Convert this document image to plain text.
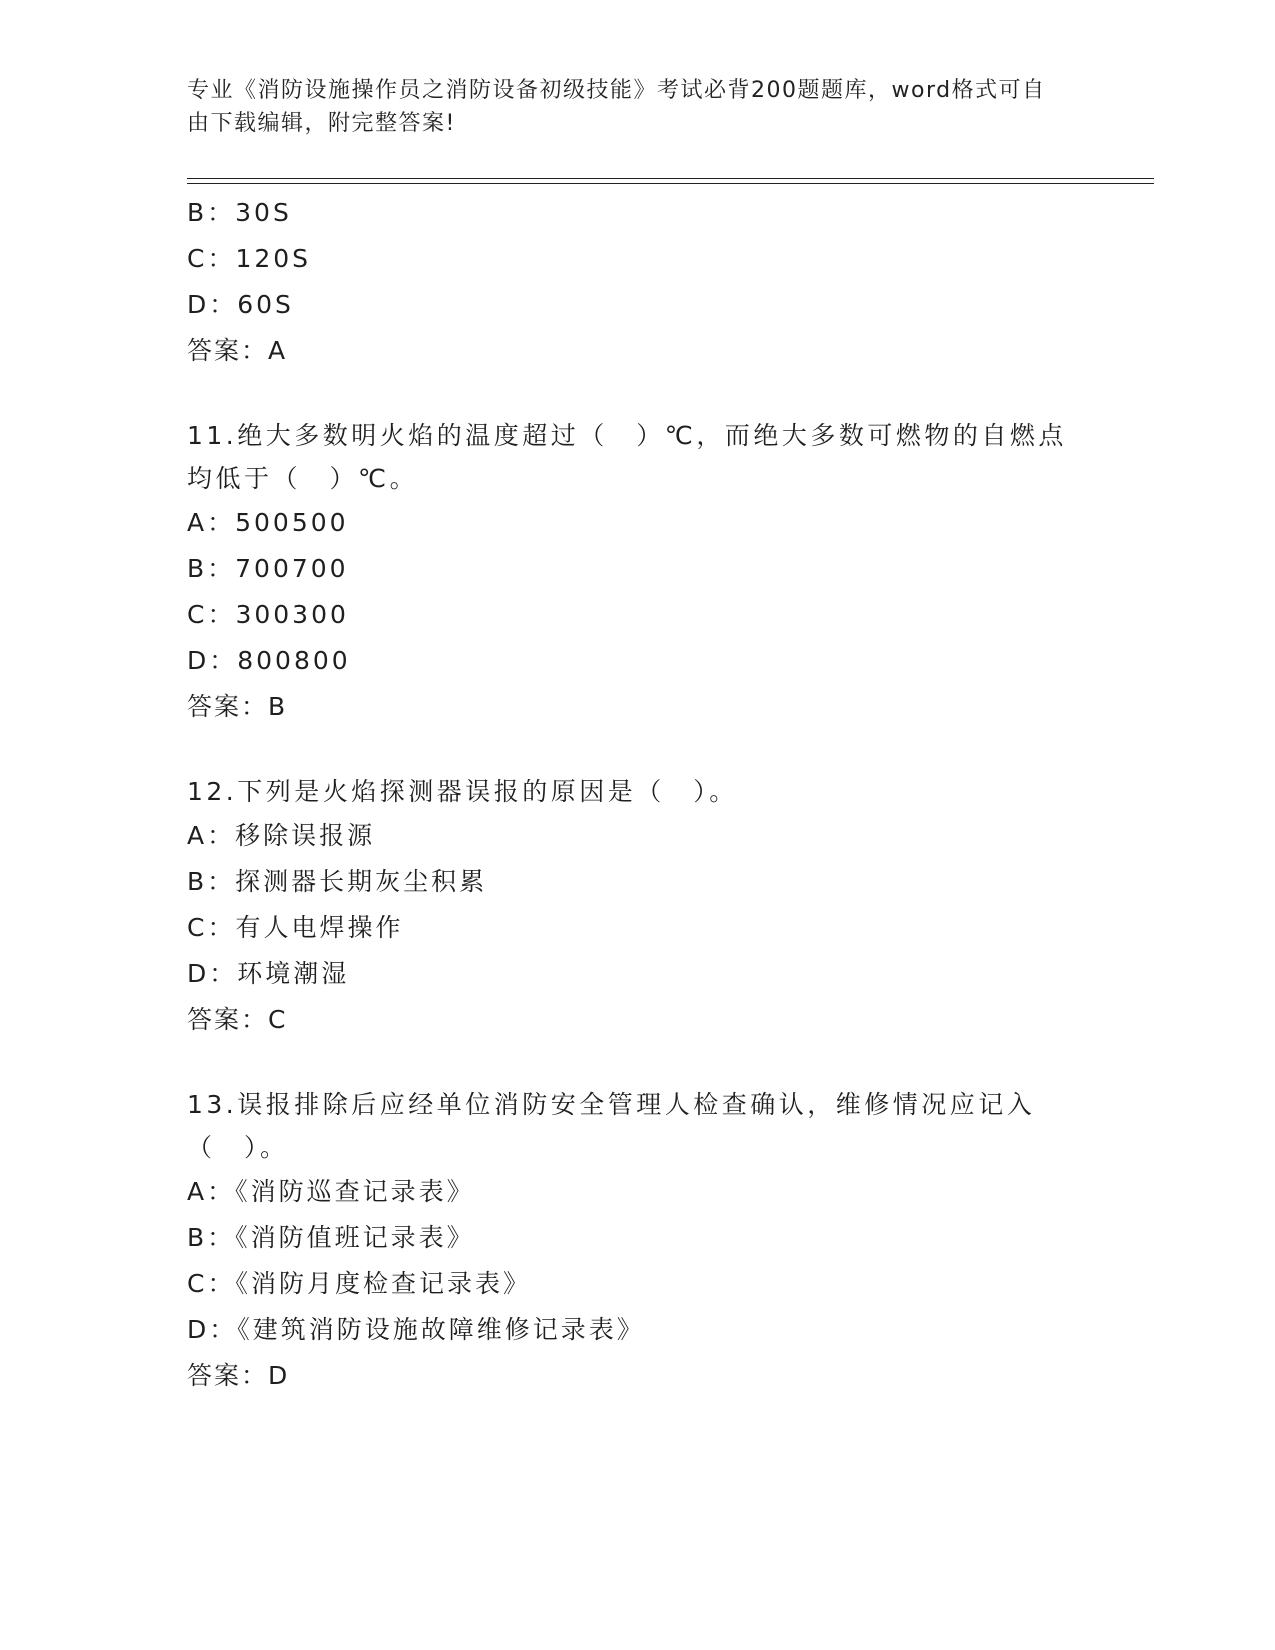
专业《消防设施操作员之消防设备初级技能》考试必背200题题库，word格式可自由下载编辑，附完整答案!
B：30S
C：120S
D：60S
答案：A
11.绝大多数明火焰的温度超过（　）℃，而绝大多数可燃物的自燃点均低于（　）℃。
A：500500
B：700700
C：300300
D：800800
答案：B
12.下列是火焰探测器误报的原因是（　）。
A：移除误报源
B：探测器长期灰尘积累
C：有人电焊操作
D：环境潮湿
答案：C
13.误报排除后应经单位消防安全管理人检查确认，维修情况应记入（　）。
A：《消防巡查记录表》
B：《消防值班记录表》
C：《消防月度检查记录表》
D：《建筑消防设施故障维修记录表》
答案：D
